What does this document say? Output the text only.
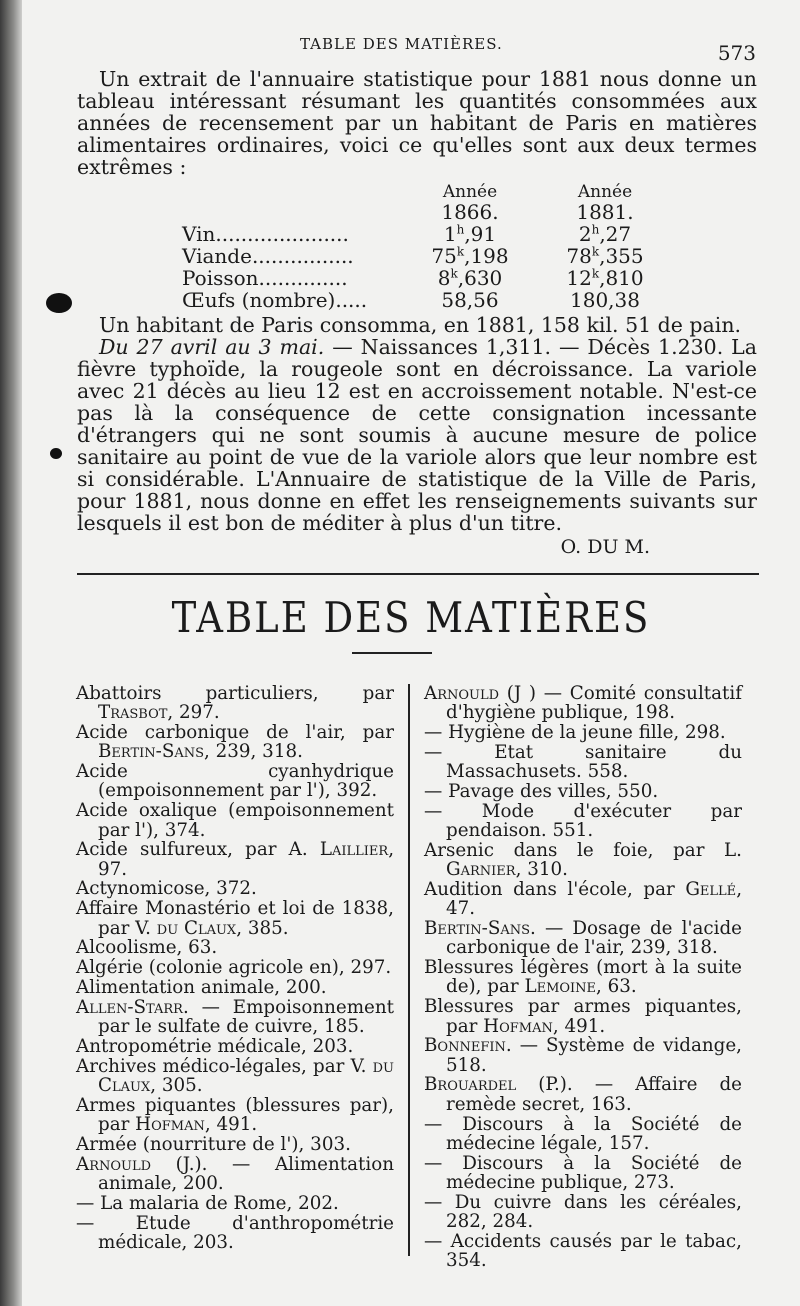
TABLE DES MATIÈRES.	573

Un extrait de l'annuaire statistique pour 1881 nous donne un tableau intéressant résumant les quantités consommées aux années de recensement par un habitant de Paris en matières alimentaires ordinaires, voici ce qu'elles sont aux deux termes extrêmes :

	Année	Année
	1866.	1881.
Vin.....................	1$^h$,91	2$^h$,27
Viande................	75$^k$,198	78$^k$,355
Poisson..............	8$^k$,630	12$^k$,810
Œufs (nombre).....	58,56	180,38

Un habitant de Paris consomma, en 1881, 158 kil. 51 de pain.

Du 27 avril au 3 mai. — Naissances 1,311. — Décès 1.230. La fièvre typhoïde, la rougeole sont en décroissance. La variole avec 21 décès au lieu 12 est en accroissement notable. N'est-ce pas là la conséquence de cette consignation incessante d'étrangers qui ne sont soumis à aucune mesure de police sanitaire au point de vue de la variole alors que leur nombre est si considérable. L'Annuaire de statistique de la Ville de Paris, pour 1881, nous donne en effet les renseignements suivants sur lesquels il est bon de méditer à plus d'un titre.

O. DU M.
TABLE DES MATIÈRES
Abattoirs particuliers, par Trasbot, 297.
Acide carbonique de l'air, par Bertin-Sans, 239, 318.
Acide cyanhydrique (empoisonnement par l'), 392.
Acide oxalique (empoisonnement par l'), 374.
Acide sulfureux, par A. Laillier, 97.
Actynomicose, 372.
Affaire Monastério et loi de 1838, par V. du Claux, 385.
Alcoolisme, 63.
Algérie (colonie agricole en), 297.
Alimentation animale, 200.
Allen-Starr. — Empoisonnement par le sulfate de cuivre, 185.
Antropométrie médicale, 203.
Archives médico-légales, par V. du Claux, 305.
Armes piquantes (blessures par), par Hofman, 491.
Armée (nourriture de l'), 303.
Arnould (J.). — Alimentation animale, 200.
— La malaria de Rome, 202.
— Etude d'anthropométrie médicale, 203.
Arnould (J ) — Comité consultatif d'hygiène publique, 198.
— Hygiène de la jeune fille, 298.
— Etat sanitaire du Massachusets. 558.
— Pavage des villes, 550.
— Mode d'exécuter par pendaison. 551.
Arsenic dans le foie, par L. Garnier, 310.
Audition dans l'école, par Gellé, 47.
Bertin-Sans. — Dosage de l'acide carbonique de l'air, 239, 318.
Blessures légères (mort à la suite de), par Lemoine, 63.
Blessures par armes piquantes, par Hofman, 491.
Bonnefin. — Système de vidange, 518.
Brouardel (P.). — Affaire de remède secret, 163.
— Discours à la Société de médecine légale, 157.
— Discours à la Société de médecine publique, 273.
— Du cuivre dans les céréales, 282, 284.
— Accidents causés par le tabac, 354.
